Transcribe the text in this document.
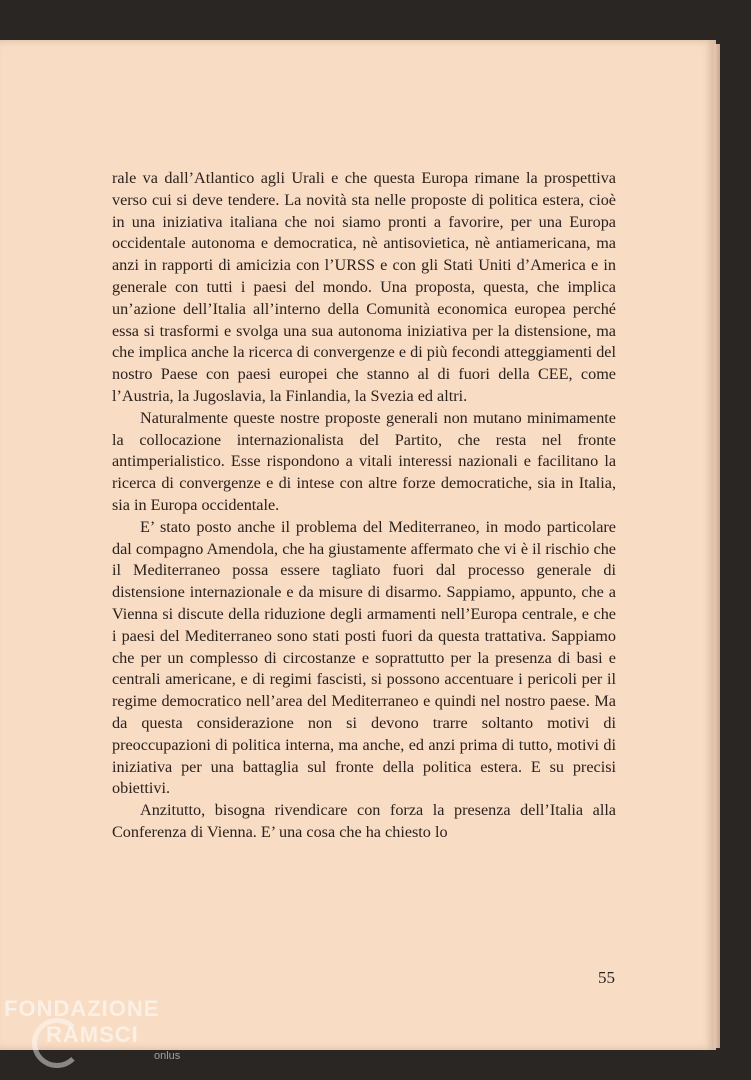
rale va dall’Atlantico agli Urali e che questa Europa rimane la prospettiva verso cui si deve tendere. La novità sta nelle proposte di politica estera, cioè in una iniziativa italiana che noi siamo pronti a favorire, per una Europa occidentale autonoma e democratica, nè antisovietica, nè antiamericana, ma anzi in rapporti di amicizia con l’URSS e con gli Stati Uniti d’America e in generale con tutti i paesi del mondo. Una proposta, questa, che implica un’azione dell’Italia all’interno della Comunità economica europea perché essa si trasformi e svolga una sua autonoma iniziativa per la distensione, ma che implica anche la ricerca di convergenze e di più fecondi atteggiamenti del nostro Paese con paesi europei che stanno al di fuori della CEE, come l’Austria, la Jugoslavia, la Finlandia, la Svezia ed altri.

Naturalmente queste nostre proposte generali non mutano minimamente la collocazione internazionalista del Partito, che resta nel fronte antimperialistico. Esse rispondono a vitali interessi nazionali e facilitano la ricerca di convergenze e di intese con altre forze democratiche, sia in Italia, sia in Europa occidentale.

E’ stato posto anche il problema del Mediterraneo, in modo particolare dal compagno Amendola, che ha giustamente affermato che vi è il rischio che il Mediterraneo possa essere tagliato fuori dal processo generale di distensione internazionale e da misure di disarmo. Sappiamo, appunto, che a Vienna si discute della riduzione degli armamenti nell’Europa centrale, e che i paesi del Mediterraneo sono stati posti fuori da questa trattativa. Sappiamo che per un complesso di circostanze e soprattutto per la presenza di basi e centrali americane, e di regimi fascisti, si possono accentuare i pericoli per il regime democratico nell’area del Mediterraneo e quindi nel nostro paese. Ma da questa considerazione non si devono trarre soltanto motivi di preoccupazioni di politica interna, ma anche, ed anzi prima di tutto, motivi di iniziativa per una battaglia sul fronte della politica estera. E su precisi obiettivi.

Anzitutto, bisogna rivendicare con forza la presenza dell’Italia alla Conferenza di Vienna. E’ una cosa che ha chiesto lo

55
FONDAZIONE
RAMSCI
onlus
